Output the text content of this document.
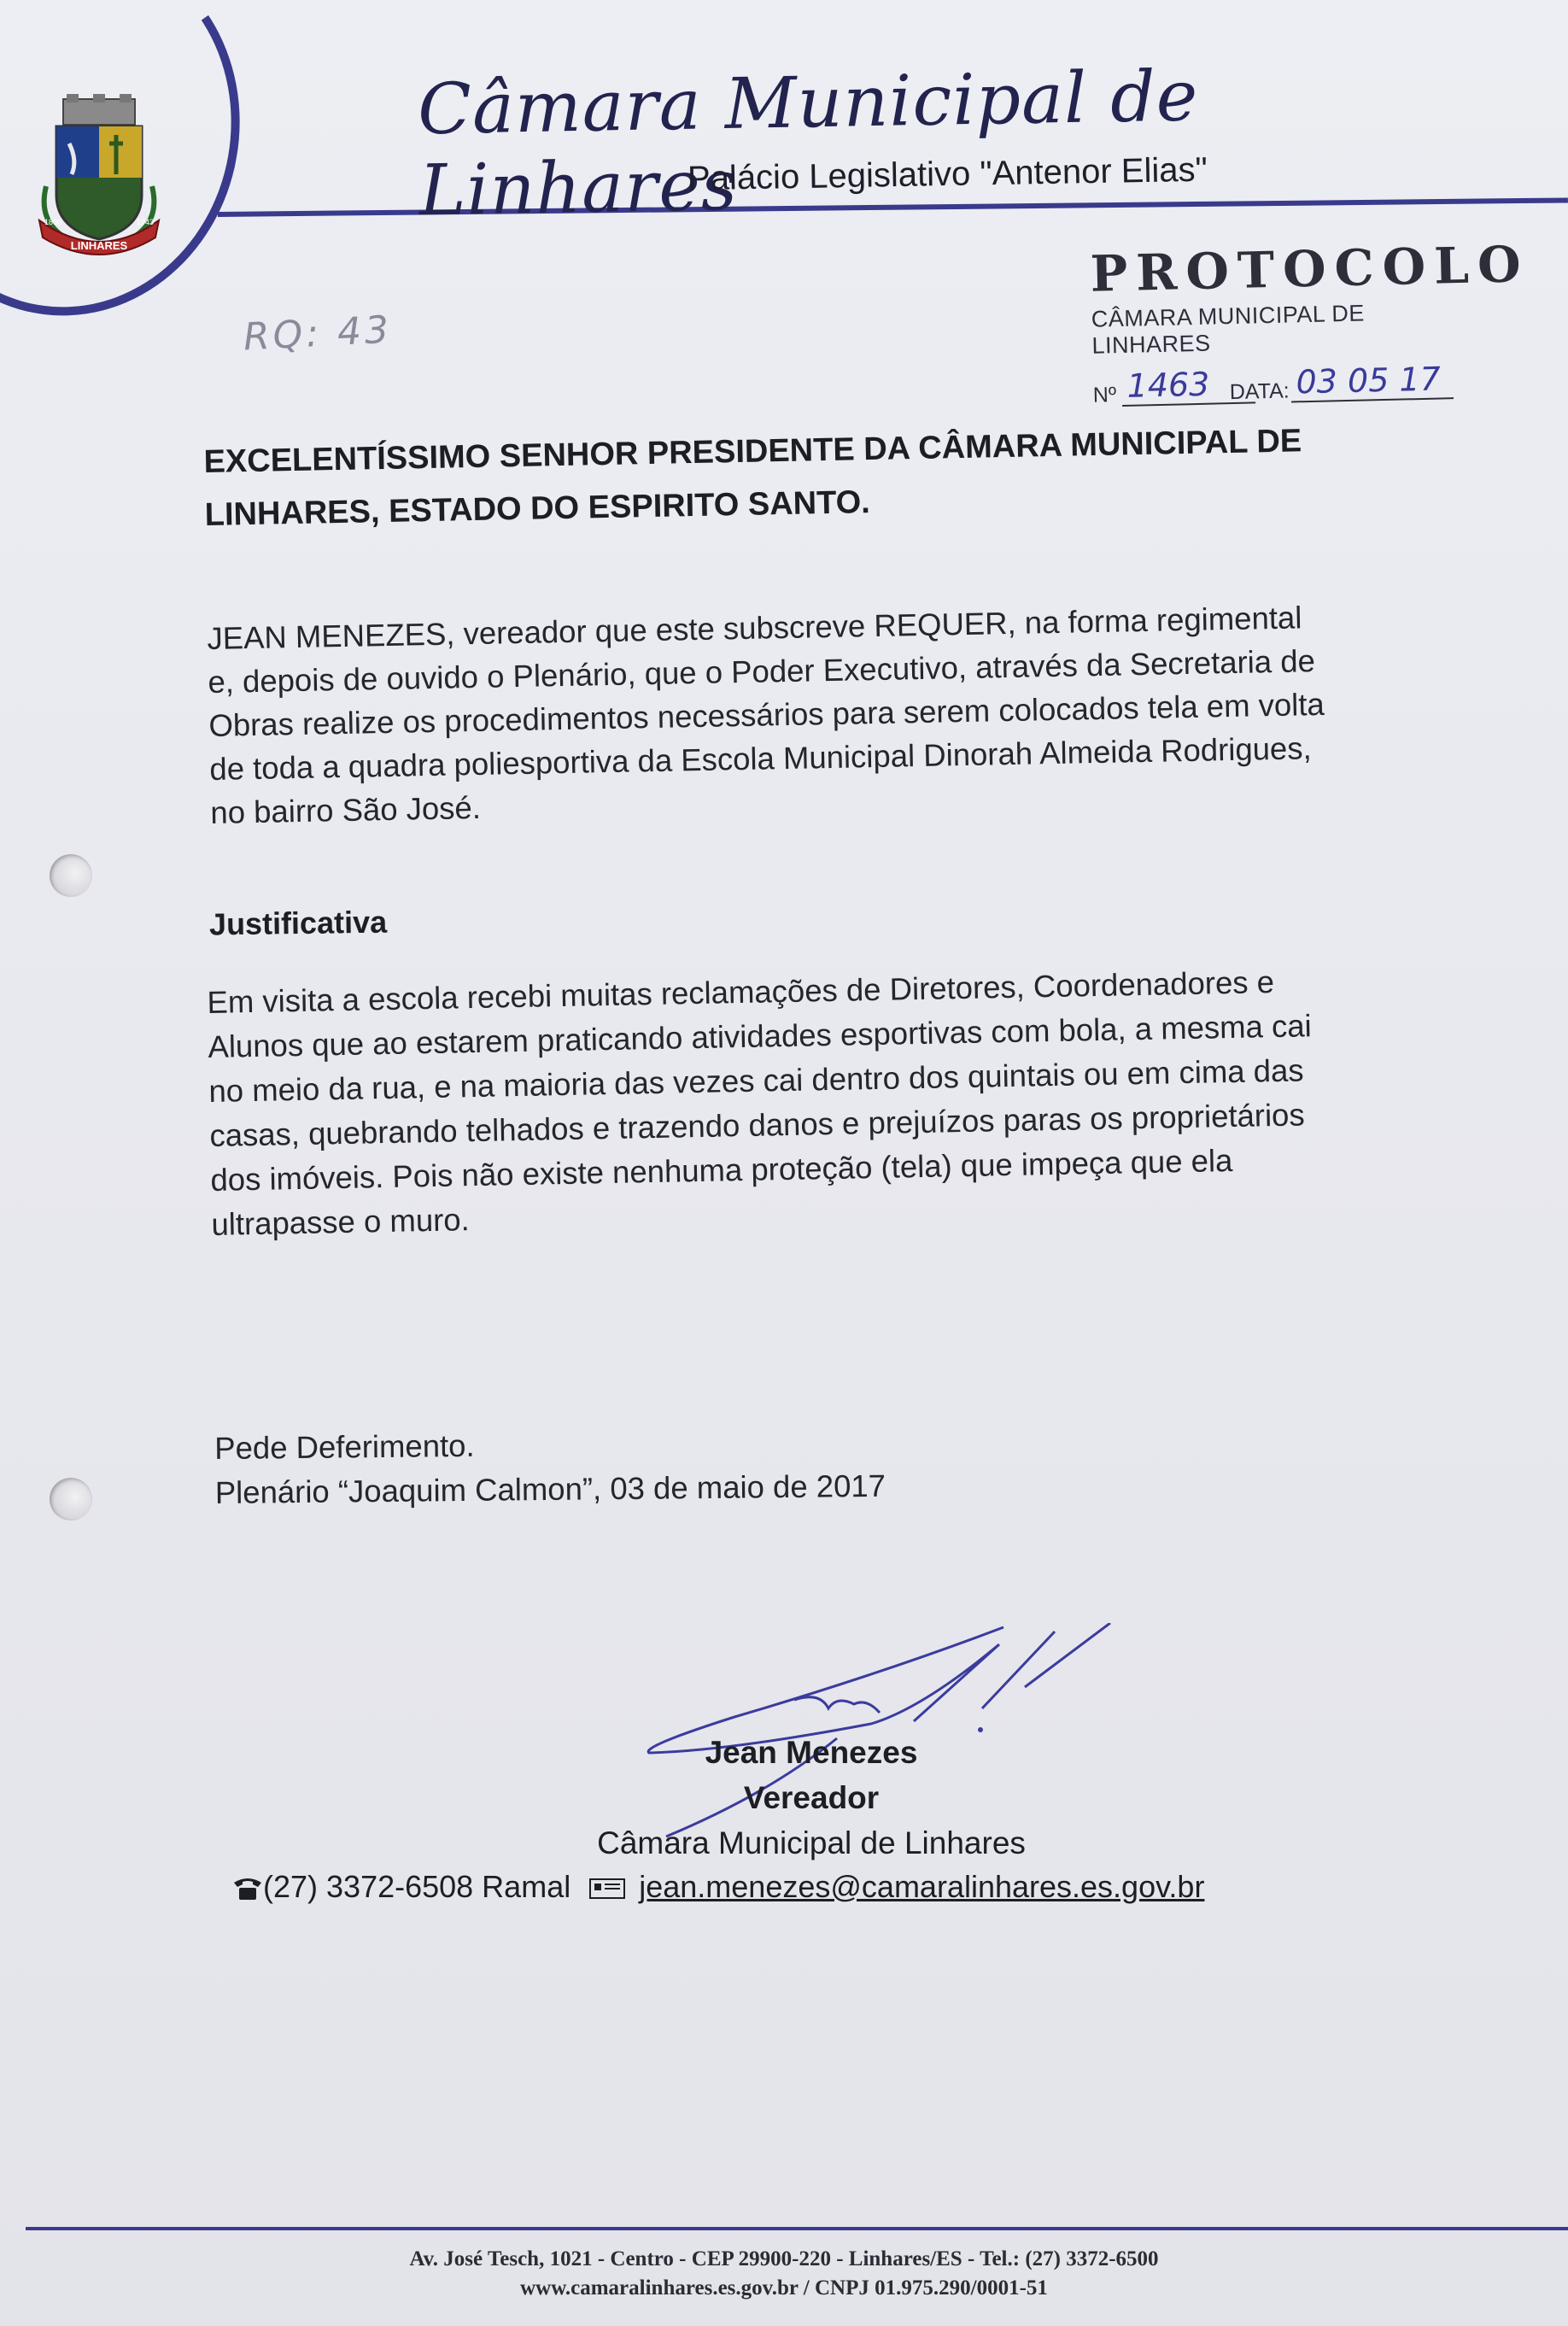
LINHARES
1800	1943
Câmara Municipal de Linhares
Palácio Legislativo "Antenor Elias"
PROTOCOLO
CÂMARA MUNICIPAL DE LINHARES
Nº 1463 DATA: 03 05 17
RQ: 43
EXCELENTÍSSIMO SENHOR PRESIDENTE DA CÂMARA MUNICIPAL DE LINHARES, ESTADO DO ESPIRITO SANTO.
JEAN MENEZES, vereador que este subscreve REQUER, na forma regimental
e, depois de ouvido o Plenário, que o Poder Executivo, através da Secretaria de
Obras realize os procedimentos necessários para serem colocados tela em volta
de toda a quadra poliesportiva da Escola Municipal Dinorah Almeida Rodrigues,
no bairro São José.
Justificativa
Em visita a escola recebi muitas reclamações de Diretores, Coordenadores e
Alunos que ao estarem praticando atividades esportivas com bola, a mesma cai
no meio da rua, e na maioria das vezes cai dentro dos quintais ou em cima das
casas, quebrando telhados e trazendo danos e prejuízos paras os proprietários
dos imóveis. Pois não existe nenhuma proteção (tela) que impeça que ela
ultrapasse o muro.
Pede Deferimento.
Plenário “Joaquim Calmon”, 03 de maio de 2017
Jean Menezes
Vereador
Câmara Municipal de Linhares
(27) 3372-6508 Ramal jean.menezes@camaralinhares.es.gov.br
Av. José Tesch, 1021 - Centro - CEP 29900-220 - Linhares/ES - Tel.: (27) 3372-6500
www.camaralinhares.es.gov.br / CNPJ 01.975.290/0001-51
